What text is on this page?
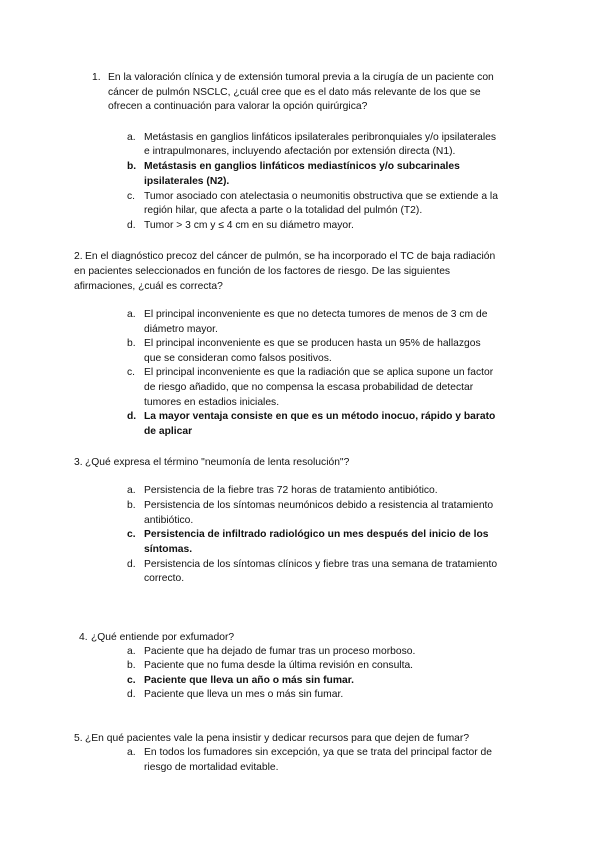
1. En la valoración clínica y de extensión tumoral previa a la cirugía de un paciente con
cáncer de pulmón NSCLC, ¿cuál cree que es el dato más relevante de los que se
ofrecen a continuación para valorar la opción quirúrgica?
a. Metástasis en ganglios linfáticos ipsilaterales peribronquiales y/o ipsilaterales
e intrapulmonares, incluyendo afectación por extensión directa (N1).
b. Metástasis en ganglios linfáticos mediastínicos y/o subcarinales
ipsilaterales (N2).
c. Tumor asociado con atelectasia o neumonitis obstructiva que se extiende a la
región hilar, que afecta a parte o la totalidad del pulmón (T2).
d. Tumor > 3 cm y ≤ 4 cm en su diámetro mayor.
2. En el diagnóstico precoz del cáncer de pulmón, se ha incorporado el TC de baja radiación
en pacientes seleccionados en función de los factores de riesgo. De las siguientes
afirmaciones, ¿cuál es correcta?
a. El principal inconveniente es que no detecta tumores de menos de 3 cm de
diámetro mayor.
b. El principal inconveniente es que se producen hasta un 95% de hallazgos
que se consideran como falsos positivos.
c. El principal inconveniente es que la radiación que se aplica supone un factor
de riesgo añadido, que no compensa la escasa probabilidad de detectar
tumores en estadios iniciales.
d. La mayor ventaja consiste en que es un método inocuo, rápido y barato
de aplicar
3. ¿Qué expresa el término "neumonía de lenta resolución"?
a. Persistencia de la fiebre tras 72 horas de tratamiento antibiótico.
b. Persistencia de los síntomas neumónicos debido a resistencia al tratamiento
antibiótico.
c. Persistencia de infiltrado radiológico un mes después del inicio de los
síntomas.
d. Persistencia de los síntomas clínicos y fiebre tras una semana de tratamiento
correcto.
4. ¿Qué entiende por exfumador?
a. Paciente que ha dejado de fumar tras un proceso morboso.
b. Paciente que no fuma desde la última revisión en consulta.
c. Paciente que lleva un año o más sin fumar.
d. Paciente que lleva un mes o más sin fumar.
5. ¿En qué pacientes vale la pena insistir y dedicar recursos para que dejen de fumar?
a. En todos los fumadores sin excepción, ya que se trata del principal factor de
riesgo de mortalidad evitable.
